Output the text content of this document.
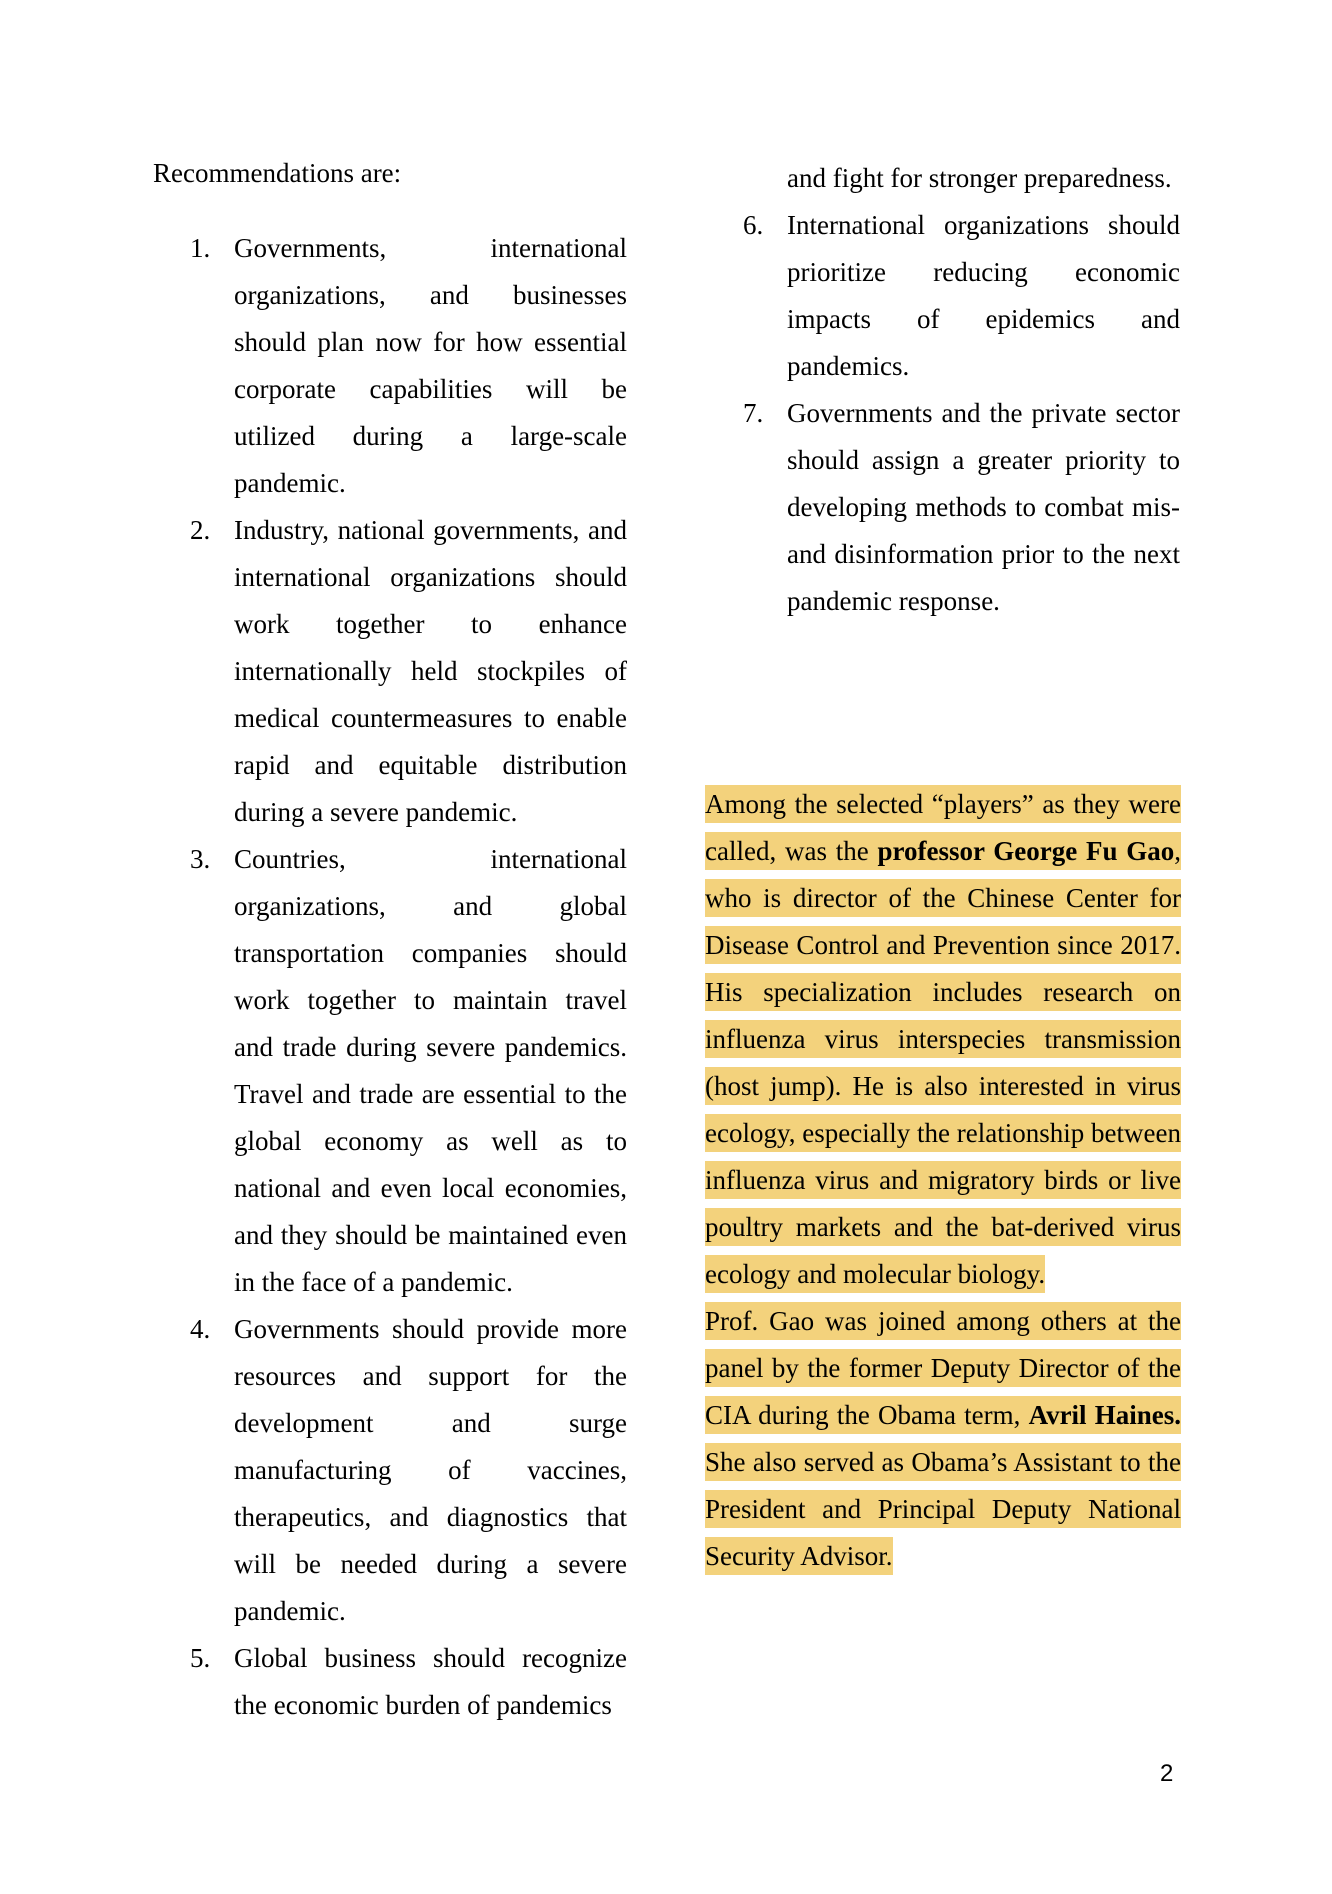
Recommendations are:

1. Governments, international organizations, and businesses should plan now for how essential corporate capabilities will be utilized during a large-scale pandemic.

2. Industry, national governments, and international organizations should work together to enhance internationally held stockpiles of medical countermeasures to enable rapid and equitable distribution during a severe pandemic.

3. Countries, international organizations, and global transportation companies should work together to maintain travel and trade during severe pandemics. Travel and trade are essential to the global economy as well as to national and even local economies, and they should be maintained even in the face of a pandemic.

4. Governments should provide more resources and support for the development and surge manufacturing of vaccines, therapeutics, and diagnostics that will be needed during a severe pandemic.

5. Global business should recognize the economic burden of pandemics

and fight for stronger preparedness.

6. International organizations should prioritize reducing economic impacts of epidemics and pandemics.

7. Governments and the private sector should assign a greater priority to developing methods to combat mis- and disinformation prior to the next pandemic response.

Among the selected “players” as they were called, was the professor George Fu Gao, who is director of the Chinese Center for Disease Control and Prevention since 2017. His specialization includes research on influenza virus interspecies transmission (host jump). He is also interested in virus ecology, especially the relationship between influenza virus and migratory birds or live poultry markets and the bat-derived virus ecology and molecular biology.

Prof. Gao was joined among others at the panel by the former Deputy Director of the CIA during the Obama term, Avril Haines. She also served as Obama’s Assistant to the President and Principal Deputy National Security Advisor.

2
